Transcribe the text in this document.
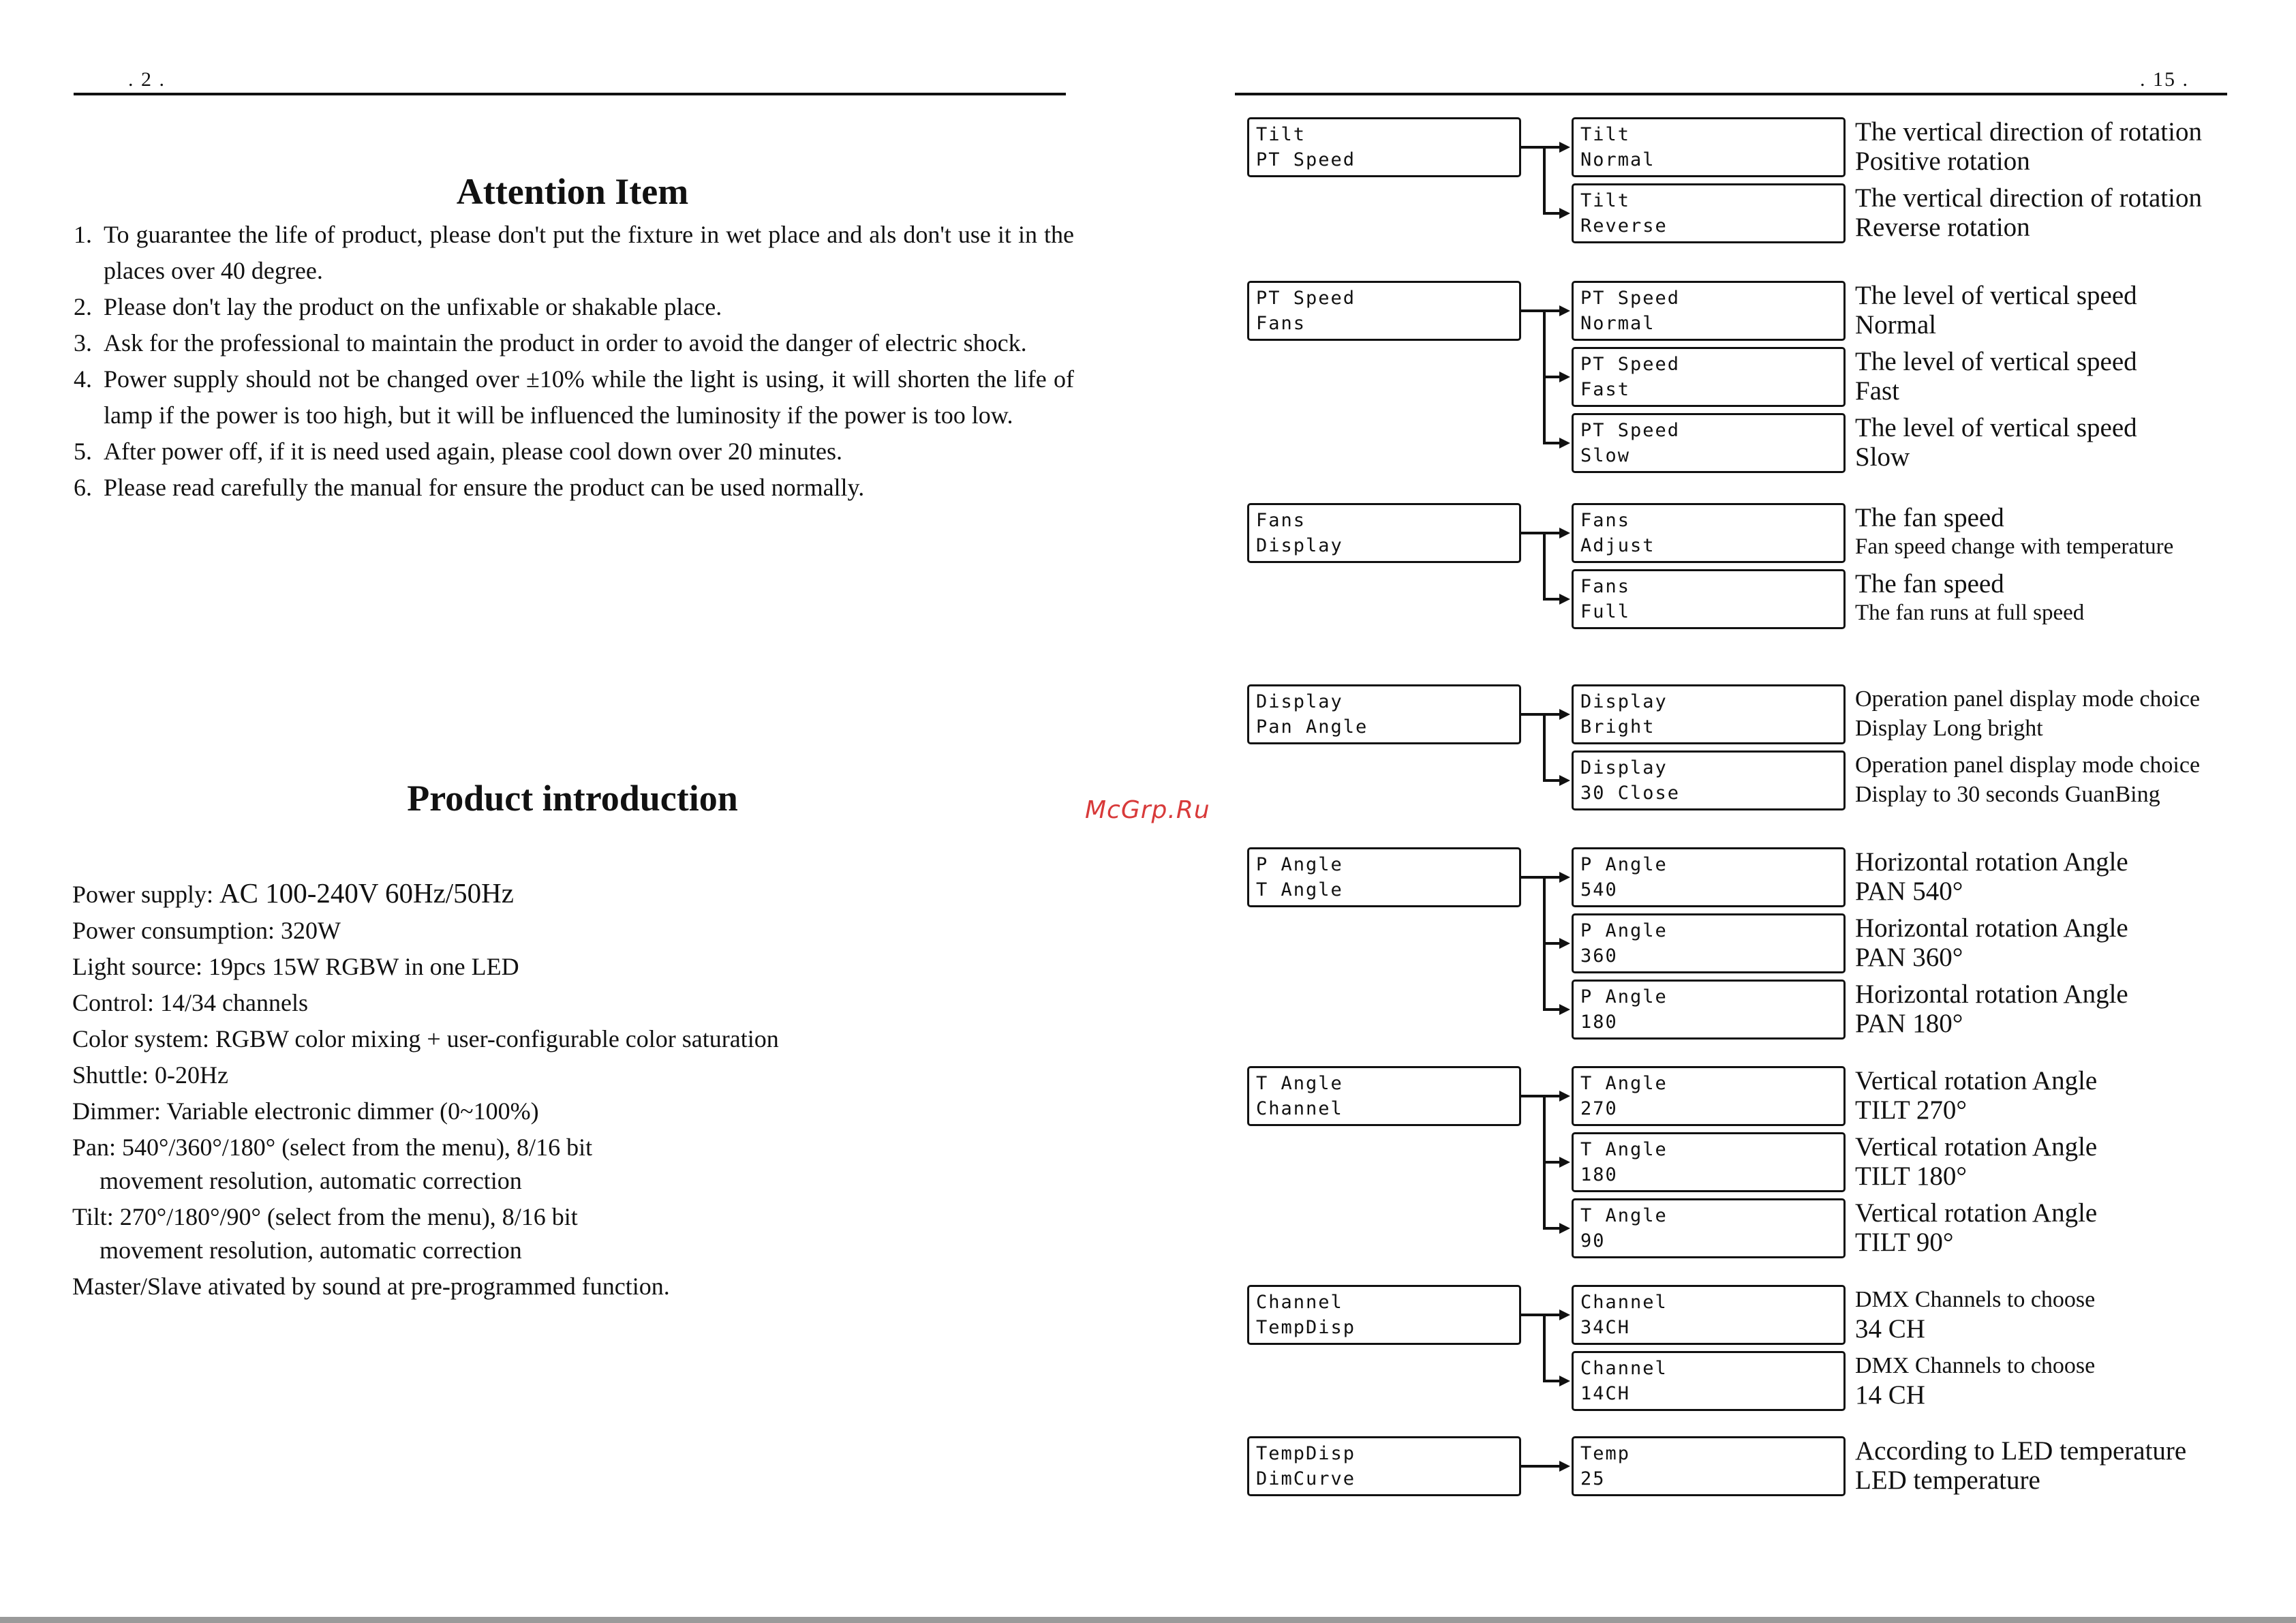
. 2 .
Attention Item
1. To guarantee the life of product, please don't put the fixture in wet place and als don't use it in the places over 40 degree.
2. Please don't lay the product on the unfixable or shakable place.
3. Ask for the professional to maintain the product in order to avoid the danger of electric shock.
4. Power supply should not be changed over ±10% while the light is using, it will shorten the life of lamp if the power is too high, but it will be influenced the luminosity if the power is too low.
5. After power off, if it is need used again, please cool down over 20 minutes.
6. Please read carefully the manual for ensure the product can be used normally.
Product introduction
Power supply: AC 100-240V 60Hz/50Hz
Power consumption: 320W
Light source: 19pcs 15W RGBW in one LED
Control: 14/34 channels
Color system: RGBW color mixing + user-configurable color saturation
Shuttle: 0-20Hz
Dimmer: Variable electronic dimmer (0~100%)
Pan: 540°/360°/180° (select from the menu), 8/16 bit
movement resolution, automatic correction
Tilt: 270°/180°/90° (select from the menu), 8/16 bit
movement resolution, automatic correction
Master/Slave ativated by sound at pre-programmed function.
McGrp.Ru
. 15 .
Tilt
PT Speed
Tilt
Normal
The vertical direction of rotation
Positive rotation
Tilt
Reverse
The vertical direction of rotation
Reverse rotation
PT Speed
Fans
PT Speed
Normal
The level of vertical speed
Normal
PT Speed
Fast
The level of vertical speed
Fast
PT Speed
Slow
The level of vertical speed
Slow
Fans
Display
Fans
Adjust
The fan speed
Fan speed change with temperature
Fans
Full
The fan speed
The fan runs at full speed
Display
Pan Angle
Display
Bright
Operation panel display mode choice
Display Long bright
Display
30 Close
Operation panel display mode choice
Display to 30 seconds GuanBing
P Angle
T Angle
P Angle
540
Horizontal rotation Angle
PAN 540°
P Angle
360
Horizontal rotation Angle
PAN 360°
P Angle
180
Horizontal rotation Angle
PAN 180°
T Angle
Channel
T Angle
270
Vertical rotation Angle
TILT 270°
T Angle
180
Vertical rotation Angle
TILT 180°
T Angle
90
Vertical rotation Angle
TILT 90°
Channel
TempDisp
Channel
34CH
DMX Channels to choose
34 CH
Channel
14CH
DMX Channels to choose
14 CH
TempDisp
DimCurve
Temp
25
According to LED temperature
LED temperature
